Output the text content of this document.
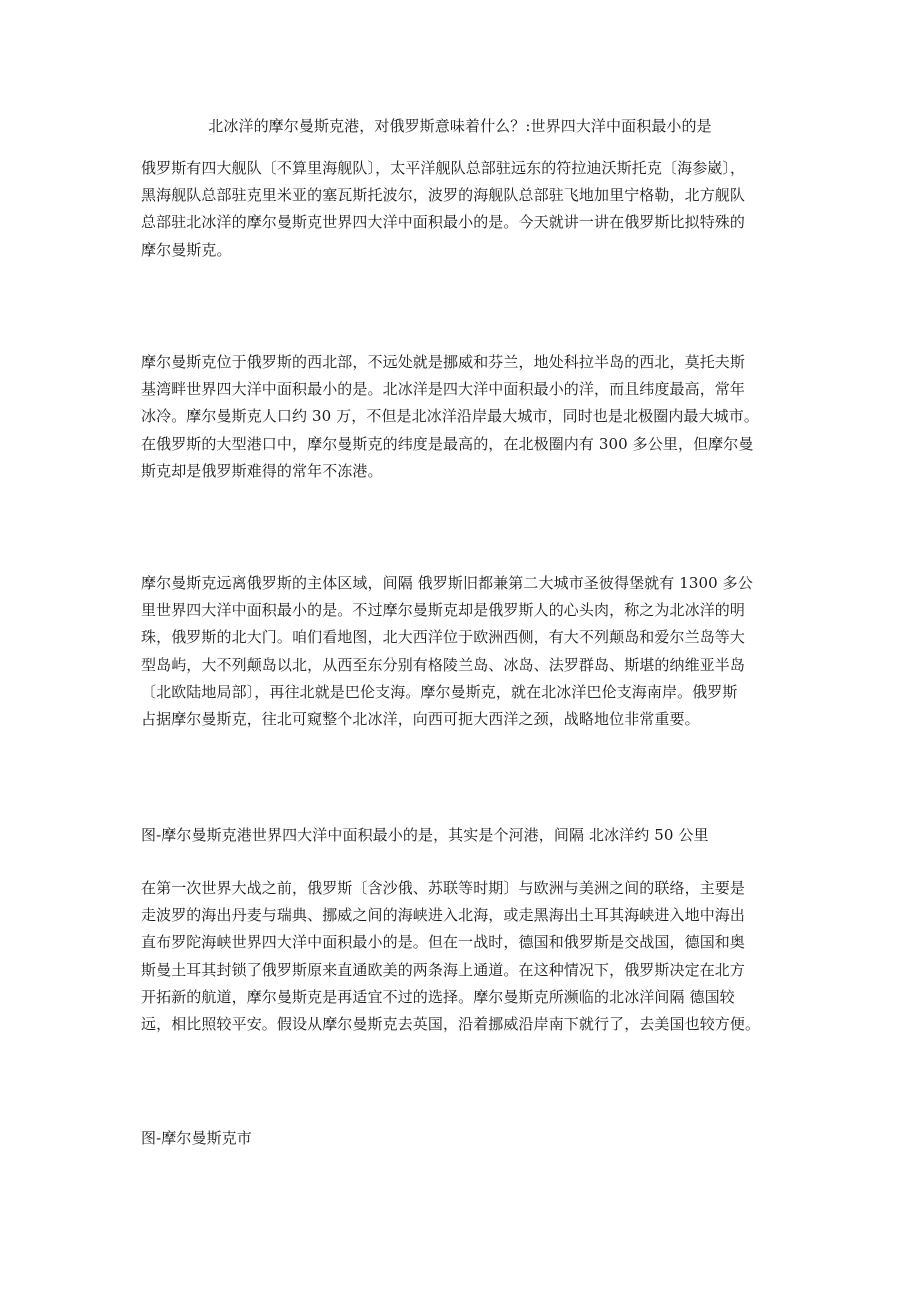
北冰洋的摩尔曼斯克港，对俄罗斯意味着什么？:世界四大洋中面积最小的是
俄罗斯有四大舰队〔不算里海舰队〕，太平洋舰队总部驻远东的符拉迪沃斯托克〔海参崴〕，
黑海舰队总部驻克里米亚的塞瓦斯托波尔，波罗的海舰队总部驻飞地加里宁格勒，北方舰队
总部驻北冰洋的摩尔曼斯克世界四大洋中面积最小的是。今天就讲一讲在俄罗斯比拟特殊的
摩尔曼斯克。
摩尔曼斯克位于俄罗斯的西北部，不远处就是挪威和芬兰，地处科拉半岛的西北，莫托夫斯
基湾畔世界四大洋中面积最小的是。北冰洋是四大洋中面积最小的洋，而且纬度最高，常年
冰冷。摩尔曼斯克人口约 30 万，不但是北冰洋沿岸最大城市，同时也是北极圈内最大城市。
在俄罗斯的大型港口中，摩尔曼斯克的纬度是最高的，在北极圈内有 300 多公里，但摩尔曼
斯克却是俄罗斯难得的常年不冻港。
摩尔曼斯克远离俄罗斯的主体区域，间隔 俄罗斯旧都兼第二大城市圣彼得堡就有 1300 多公
里世界四大洋中面积最小的是。不过摩尔曼斯克却是俄罗斯人的心头肉，称之为北冰洋的明
珠，俄罗斯的北大门。咱们看地图，北大西洋位于欧洲西侧，有大不列颠岛和爱尔兰岛等大
型岛屿，大不列颠岛以北，从西至东分别有格陵兰岛、冰岛、法罗群岛、斯堪的纳维亚半岛
〔北欧陆地局部〕，再往北就是巴伦支海。摩尔曼斯克，就在北冰洋巴伦支海南岸。俄罗斯
占据摩尔曼斯克，往北可窥整个北冰洋，向西可扼大西洋之颈，战略地位非常重要。
图-摩尔曼斯克港世界四大洋中面积最小的是，其实是个河港，间隔 北冰洋约 50 公里
在第一次世界大战之前，俄罗斯〔含沙俄、苏联等时期〕与欧洲与美洲之间的联络，主要是
走波罗的海出丹麦与瑞典、挪威之间的海峡进入北海，或走黑海出土耳其海峡进入地中海出
直布罗陀海峡世界四大洋中面积最小的是。但在一战时，德国和俄罗斯是交战国，德国和奥
斯曼土耳其封锁了俄罗斯原来直通欧美的两条海上通道。在这种情况下，俄罗斯决定在北方
开拓新的航道，摩尔曼斯克是再适宜不过的选择。摩尔曼斯克所濒临的北冰洋间隔 德国较
远，相比照较平安。假设从摩尔曼斯克去英国，沿着挪威沿岸南下就行了，去美国也较方便。
图-摩尔曼斯克市
